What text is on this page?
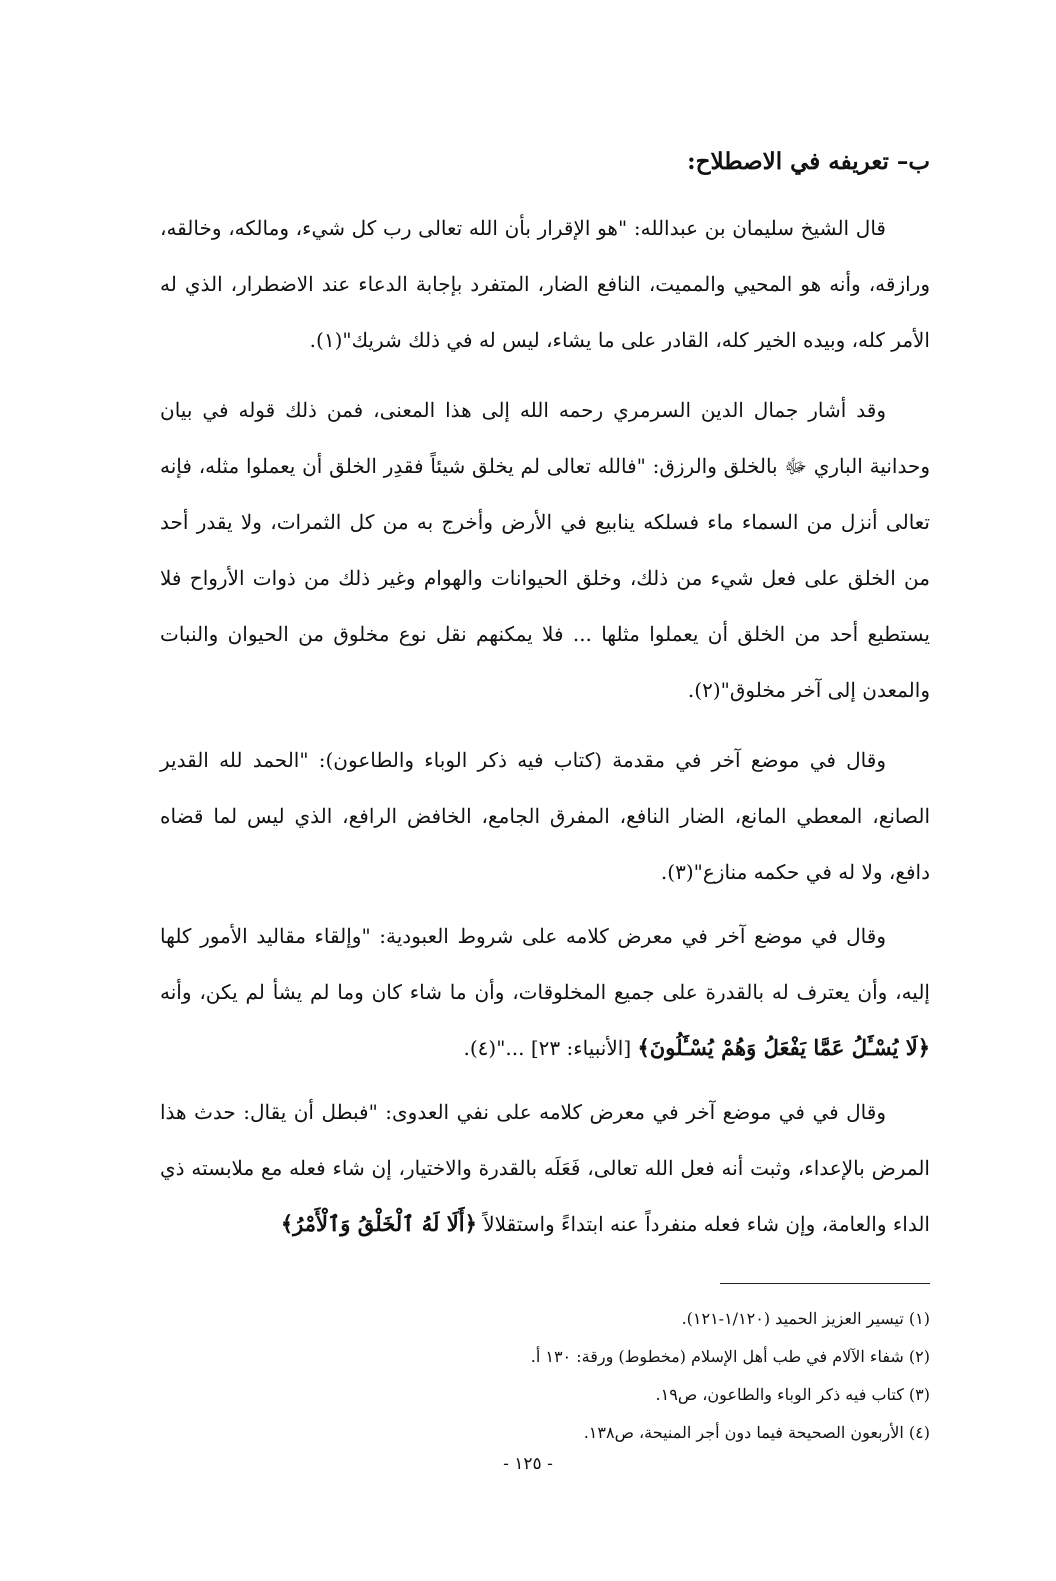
ب– تعريفه في الاصطلاح:

قال الشيخ سليمان بن عبدالله: "هو الإقرار بأن الله تعالى رب كل شيء، ومالكه، وخالقه، ورازقه، وأنه هو المحيي والمميت، النافع الضار، المتفرد بإجابة الدعاء عند الاضطرار، الذي له الأمر كله، وبيده الخير كله، القادر على ما يشاء، ليس له في ذلك شريك"(١).

وقد أشار جمال الدين السرمري رحمه الله إلى هذا المعنى، فمن ذلك قوله في بيان وحدانية الباري ﷻ بالخلق والرزق: "فالله تعالى لم يخلق شيئاً فقدِر الخلق أن يعملوا مثله، فإنه تعالى أنزل من السماء ماء فسلكه ينابيع في الأرض وأخرج به من كل الثمرات، ولا يقدر أحد من الخلق على فعل شيء من ذلك، وخلق الحيوانات والهوام وغير ذلك من ذوات الأرواح فلا يستطيع أحد من الخلق أن يعملوا مثلها ... فلا يمكنهم نقل نوع مخلوق من الحيوان والنبات والمعدن إلى آخر مخلوق"(٢).

وقال في موضع آخر في مقدمة (كتاب فيه ذكر الوباء والطاعون): "الحمد لله القدير الصانع، المعطي المانع، الضار النافع، المفرق الجامع، الخافض الرافع، الذي ليس لما قضاه دافع، ولا له في حكمه منازع"(٣).

وقال في موضع آخر في معرض كلامه على شروط العبودية: "وإلقاء مقاليد الأمور كلها إليه، وأن يعترف له بالقدرة على جميع المخلوقات، وأن ما شاء كان وما لم يشأ لم يكن، وأنه ﴿لَا يُسْـَٔلُ عَمَّا يَفْعَلُ وَهُمْ يُسْـَٔلُونَ﴾ [الأنبياء: ٢٣] ..."(٤).

وقال في في موضع آخر في معرض كلامه على نفي العدوى: "فبطل أن يقال: حدث هذا المرض بالإعداء، وثبت أنه فعل الله تعالى، فَعَلَه بالقدرة والاختيار، إن شاء فعله مع ملابسته ذي الداء والعامة، وإن شاء فعله منفرداً عنه ابتداءً واستقلالاً ﴿أَلَا لَهُ ٱلْخَلْقُ وَٱلْأَمْرُ﴾

(١) تيسير العزيز الحميد (١/١٢٠-١٢١).
(٢) شفاء الآلام في طب أهل الإسلام (مخطوط) ورقة: ١٣٠ أ.
(٣) كتاب فيه ذكر الوباء والطاعون، ص١٩.
(٤) الأربعون الصحيحة فيما دون أجر المنيحة، ص١٣٨.
- ١٢٥ -
